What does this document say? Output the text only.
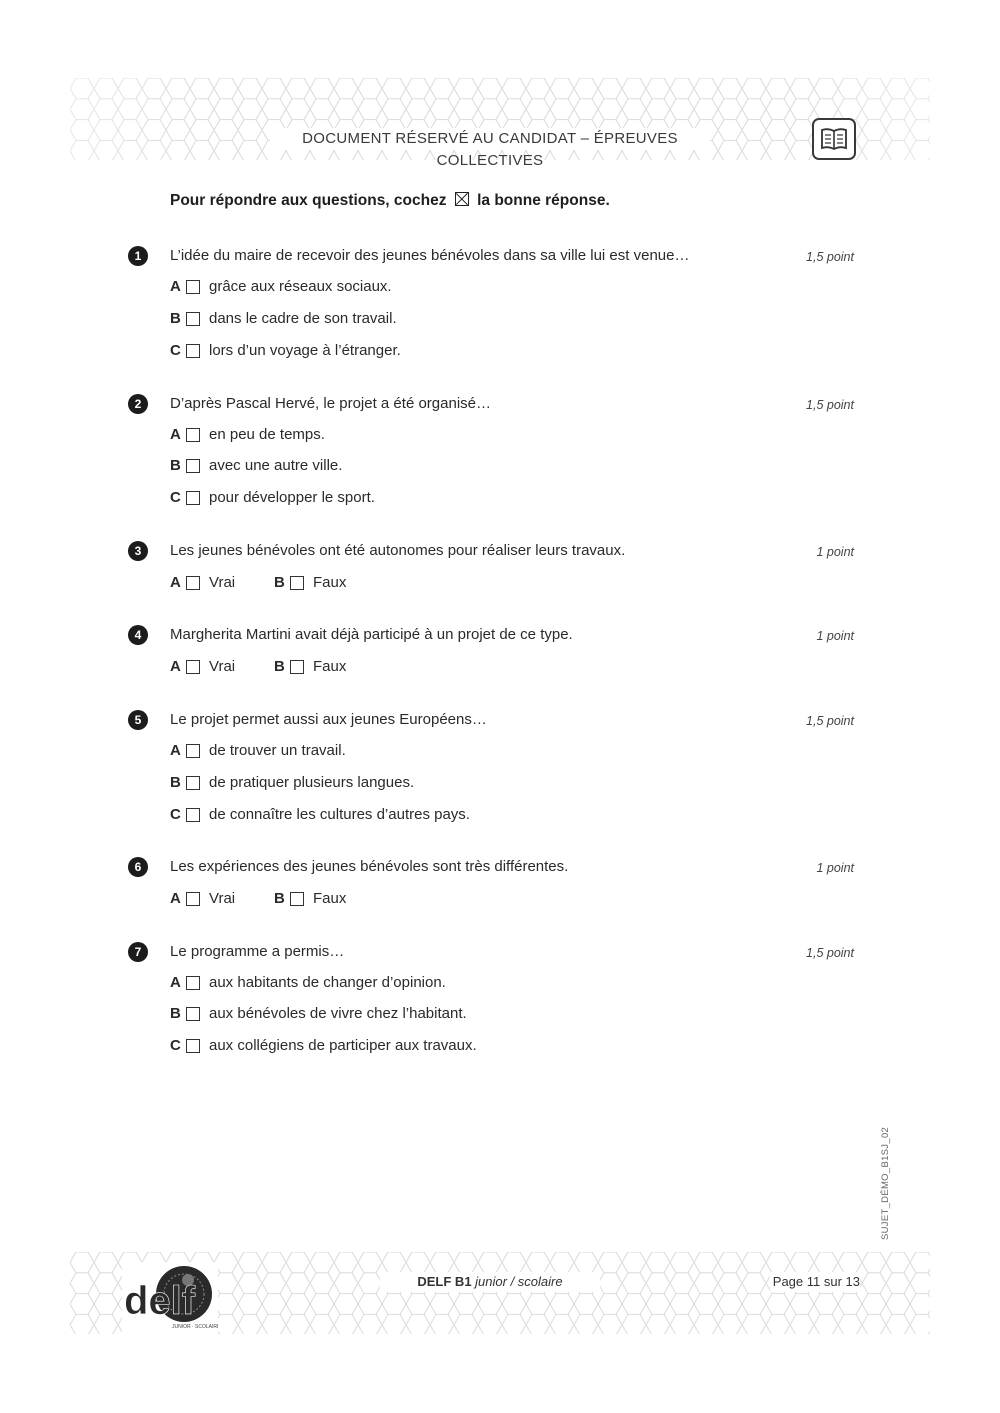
DOCUMENT RÉSERVÉ AU CANDIDAT – ÉPREUVES COLLECTIVES
Pour répondre aux questions, cochez la bonne réponse.
1	L’idée du maire de recevoir des jeunes bénévoles dans sa ville lui est venue…	1,5 point
A	grâce aux réseaux sociaux.
B	dans le cadre de son travail.
C	lors d’un voyage à l’étranger.
2	D’après Pascal Hervé, le projet a été organisé…	1,5 point
A	en peu de temps.
B	avec une autre ville.
C	pour développer le sport.
3	Les jeunes bénévoles ont été autonomes pour réaliser leurs travaux.	1 point
A	Vrai	B	Faux
4	Margherita Martini avait déjà participé à un projet de ce type.	1 point
A	Vrai	B	Faux
5	Le projet permet aussi aux jeunes Européens…	1,5 point
A	de trouver un travail.
B	de pratiquer plusieurs langues.
C	de connaître les cultures d’autres pays.
6	Les expériences des jeunes bénévoles sont très différentes.	1 point
A	Vrai	B	Faux
7	Le programme a permis…	1,5 point
A	aux habitants de changer d’opinion.
B	aux bénévoles de vivre chez l’habitant.
C	aux collégiens de participer aux travaux.
SUJET_DÉMO_B1SJ_02
delf
JUNIOR · SCOLAIRE
DELF B1 junior / scolaire	Page 11 sur 13
